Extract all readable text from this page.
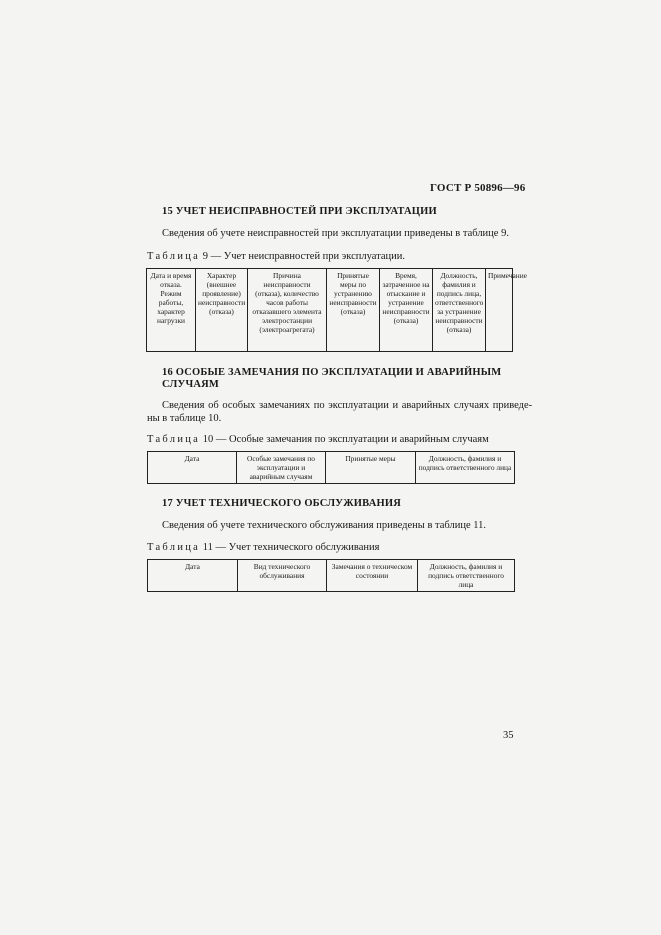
ГОСТ Р 50896—96
15 УЧЕТ НЕИСПРАВНОСТЕЙ ПРИ ЭКСПЛУАТАЦИИ
Сведения об учете неисправностей при эксплуатации приведены в таблице 9.
Таблица 9 — Учет неисправностей при эксплуатации.
Дата и время отказа. Режим работы, характер нагрузки	Характер (внешнее проявление) неисправности (отказа)	Причина неисправности (отказа), количество часов работы отказавшего элемента электростанции (электроагрегата)	Принятые меры по устранению неисправности (отказа)	Время, затраченное на отыскание и устранение неисправности (отказа)	Должность, фамилия и подпись лица, ответственного за устранение неисправности (отказа)	Примечание
16 ОСОБЫЕ ЗАМЕЧАНИЯ ПО ЭКСПЛУАТАЦИИ И АВАРИЙНЫМ
СЛУЧАЯМ
Сведения об особых замечаниях по эксплуатации и аварийных случаях приведе-
ны в таблице 10.
Таблица 10 — Особые замечания по эксплуатации и аварийным случаям
Дата	Особые замечания по эксплуатации и аварийным случаям	Принятые меры	Должность, фамилия и подпись ответственного лица
17 УЧЕТ ТЕХНИЧЕСКОГО ОБСЛУЖИВАНИЯ
Сведения об учете технического обслуживания приведены в таблице 11.
Таблица 11 — Учет технического обслуживания
Дата	Вид технического обслуживания	Замечания о техническом состоянии	Должность, фамилия и подпись ответственного лица
35
